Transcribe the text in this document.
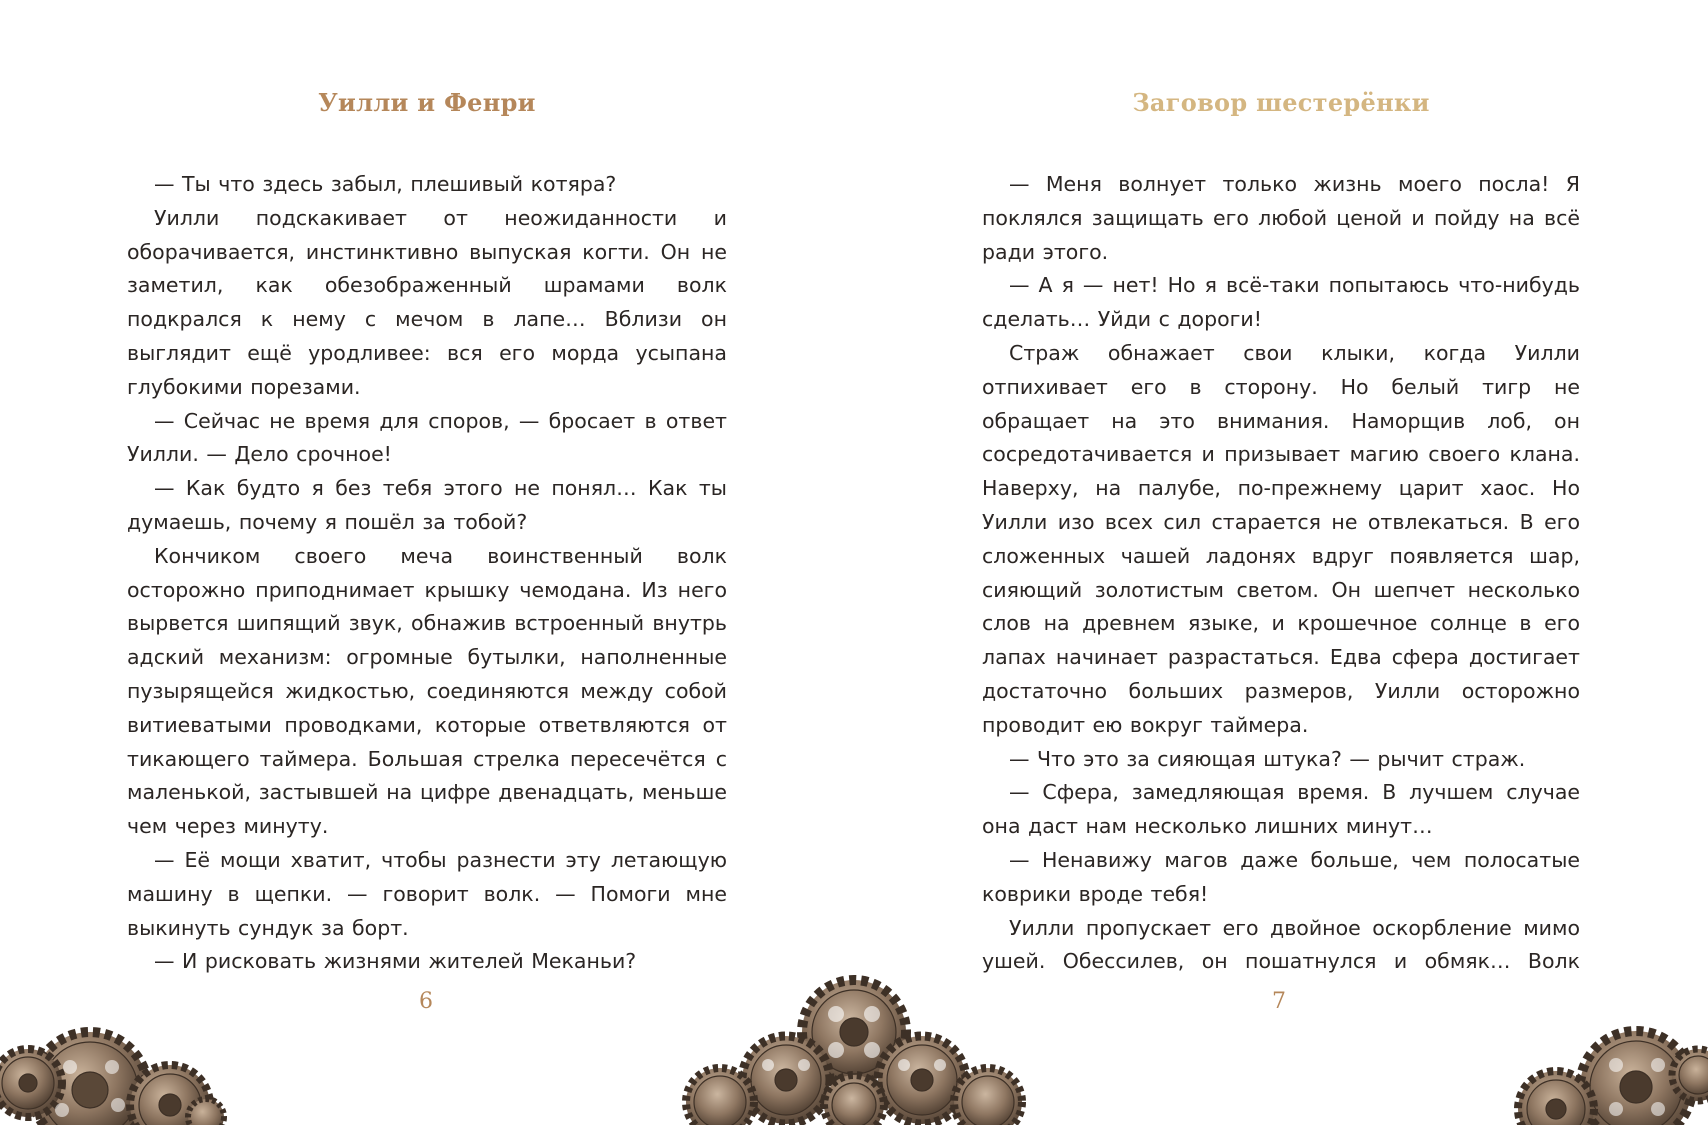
Уилли и Фенри

— Ты что здесь забыл, плешивый котяра?

Уилли подскакивает от неожиданности и оборачивается, инстинктивно выпуская когти. Он не заметил, как обезображенный шрамами волк подкрался к нему с мечом в лапе… Вблизи он выглядит ещё уродливее: вся его морда усыпана глубокими порезами.

— Сейчас не время для споров, — бросает в ответ Уилли. — Дело срочное!

— Как будто я без тебя этого не понял… Как ты думаешь, почему я пошёл за тобой?

Кончиком своего меча воинственный волк осторожно приподнимает крышку чемодана. Из него вырвется шипящий звук, обнажив встроенный внутрь адский механизм: огромные бутылки, наполненные пузырящейся жидкостью, соединяются между собой витиеватыми проводками, которые ответвляются от тикающего таймера. Большая стрелка пересечётся с маленькой, застывшей на цифре двенадцать, меньше чем через минуту.

— Её мощи хватит, чтобы разнести эту летающую машину в щепки. — говорит волк. — Помоги мне выкинуть сундук за борт.

— И рисковать жизнями жителей Меканьи?

6
Заговор шестерёнки

— Меня волнует только жизнь моего посла! Я поклялся защищать его любой ценой и пойду на всё ради этого.

— А я — нет! Но я всё-таки попытаюсь что-нибудь сделать… Уйди с дороги!

Страж обнажает свои клыки, когда Уилли отпихивает его в сторону. Но белый тигр не обращает на это внимания. Наморщив лоб, он сосредотачивается и призывает магию своего клана. Наверху, на палубе, по-прежнему царит хаос. Но Уилли изо всех сил старается не отвлекаться. В его сложенных чашей ладонях вдруг появляется шар, сияющий золотистым светом. Он шепчет несколько слов на древнем языке, и крошечное солнце в его лапах начинает разрастаться. Едва сфера достигает достаточно больших размеров, Уилли осторожно проводит ею вокруг таймера.

— Что это за сияющая штука? — рычит страж.

— Сфера, замедляющая время. В лучшем случае она даст нам несколько лишних минут…

— Ненавижу магов даже больше, чем полосатые коврики вроде тебя!

Уилли пропускает его двойное оскорбление мимо ушей. Обессилев, он пошатнулся и обмяк… Волк

7
